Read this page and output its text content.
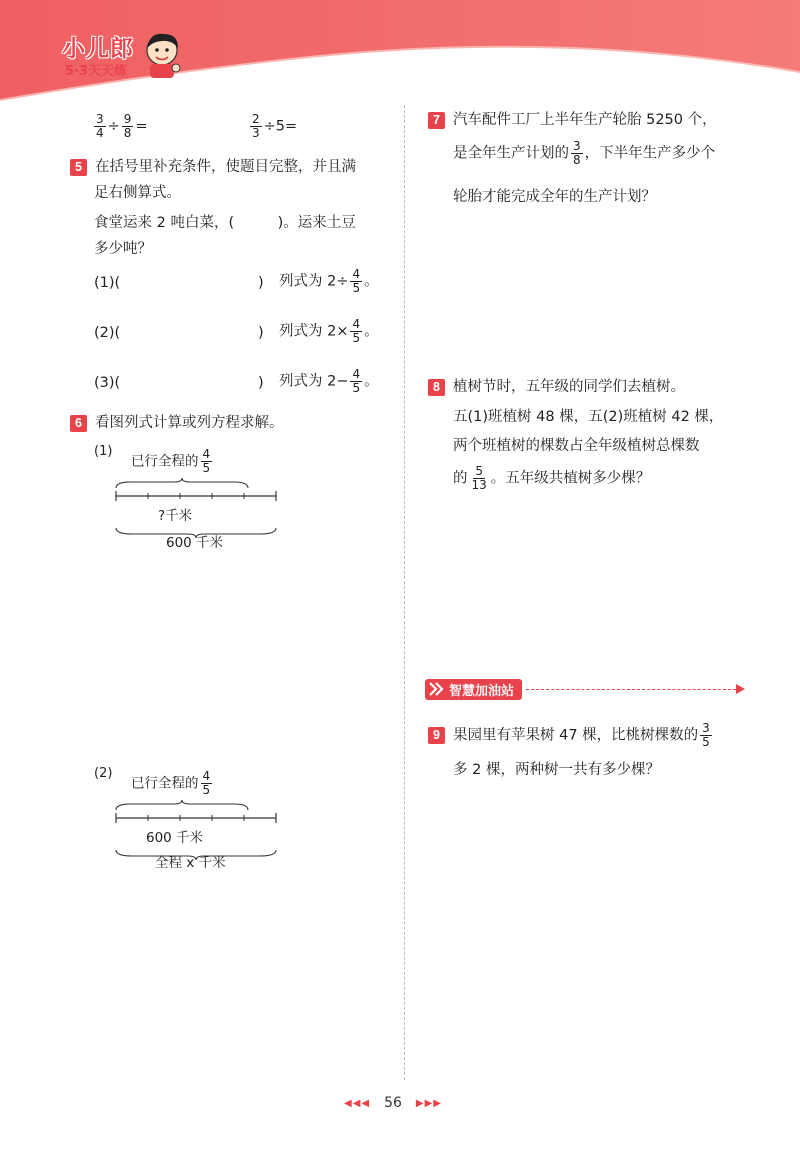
小儿郎
5·3天天练
$\frac{3}{4} \div \frac{9}{8}$ =	$\frac{2}{3} \div 5=$
5 在括号里补充条件，使题目完整，并且满
足右侧算式。
食堂运来 2 吨白菜，(　　　)。运来土豆
多少吨？
(1)(	) 列式为 $2\div \frac{4}{5}$ 。
(2)(	) 列式为 $2\times \frac{4}{5}$ 。
(3)(	) 列式为 $2- \frac{4}{5}$ 。
6 看图列式计算或列方程求解。
(1)
已行全程的 $\frac{4}{5}$
?千米
600 千米
(2)
已行全程的 $\frac{4}{5}$
600 千米
全程 x 千米
7 汽车配件工厂上半年生产轮胎 5250 个，
是全年生产计划的 $\frac{3}{8}$ ，下半年生产多少个
轮胎才能完成全年的生产计划？
8 植树节时，五年级的同学们去植树。
五(1)班植树 48 棵，五(2)班植树 42 棵，
两个班植树的棵数占全年级植树总棵数
的 $\frac{5}{13}$ 。五年级共植树多少棵？
智慧加油站
9 果园里有苹果树 47 棵，比桃树棵数的 $\frac{3}{5}$
多 2 棵，两种树一共有多少棵？
◀◀◀ 56 ▶▶▶
